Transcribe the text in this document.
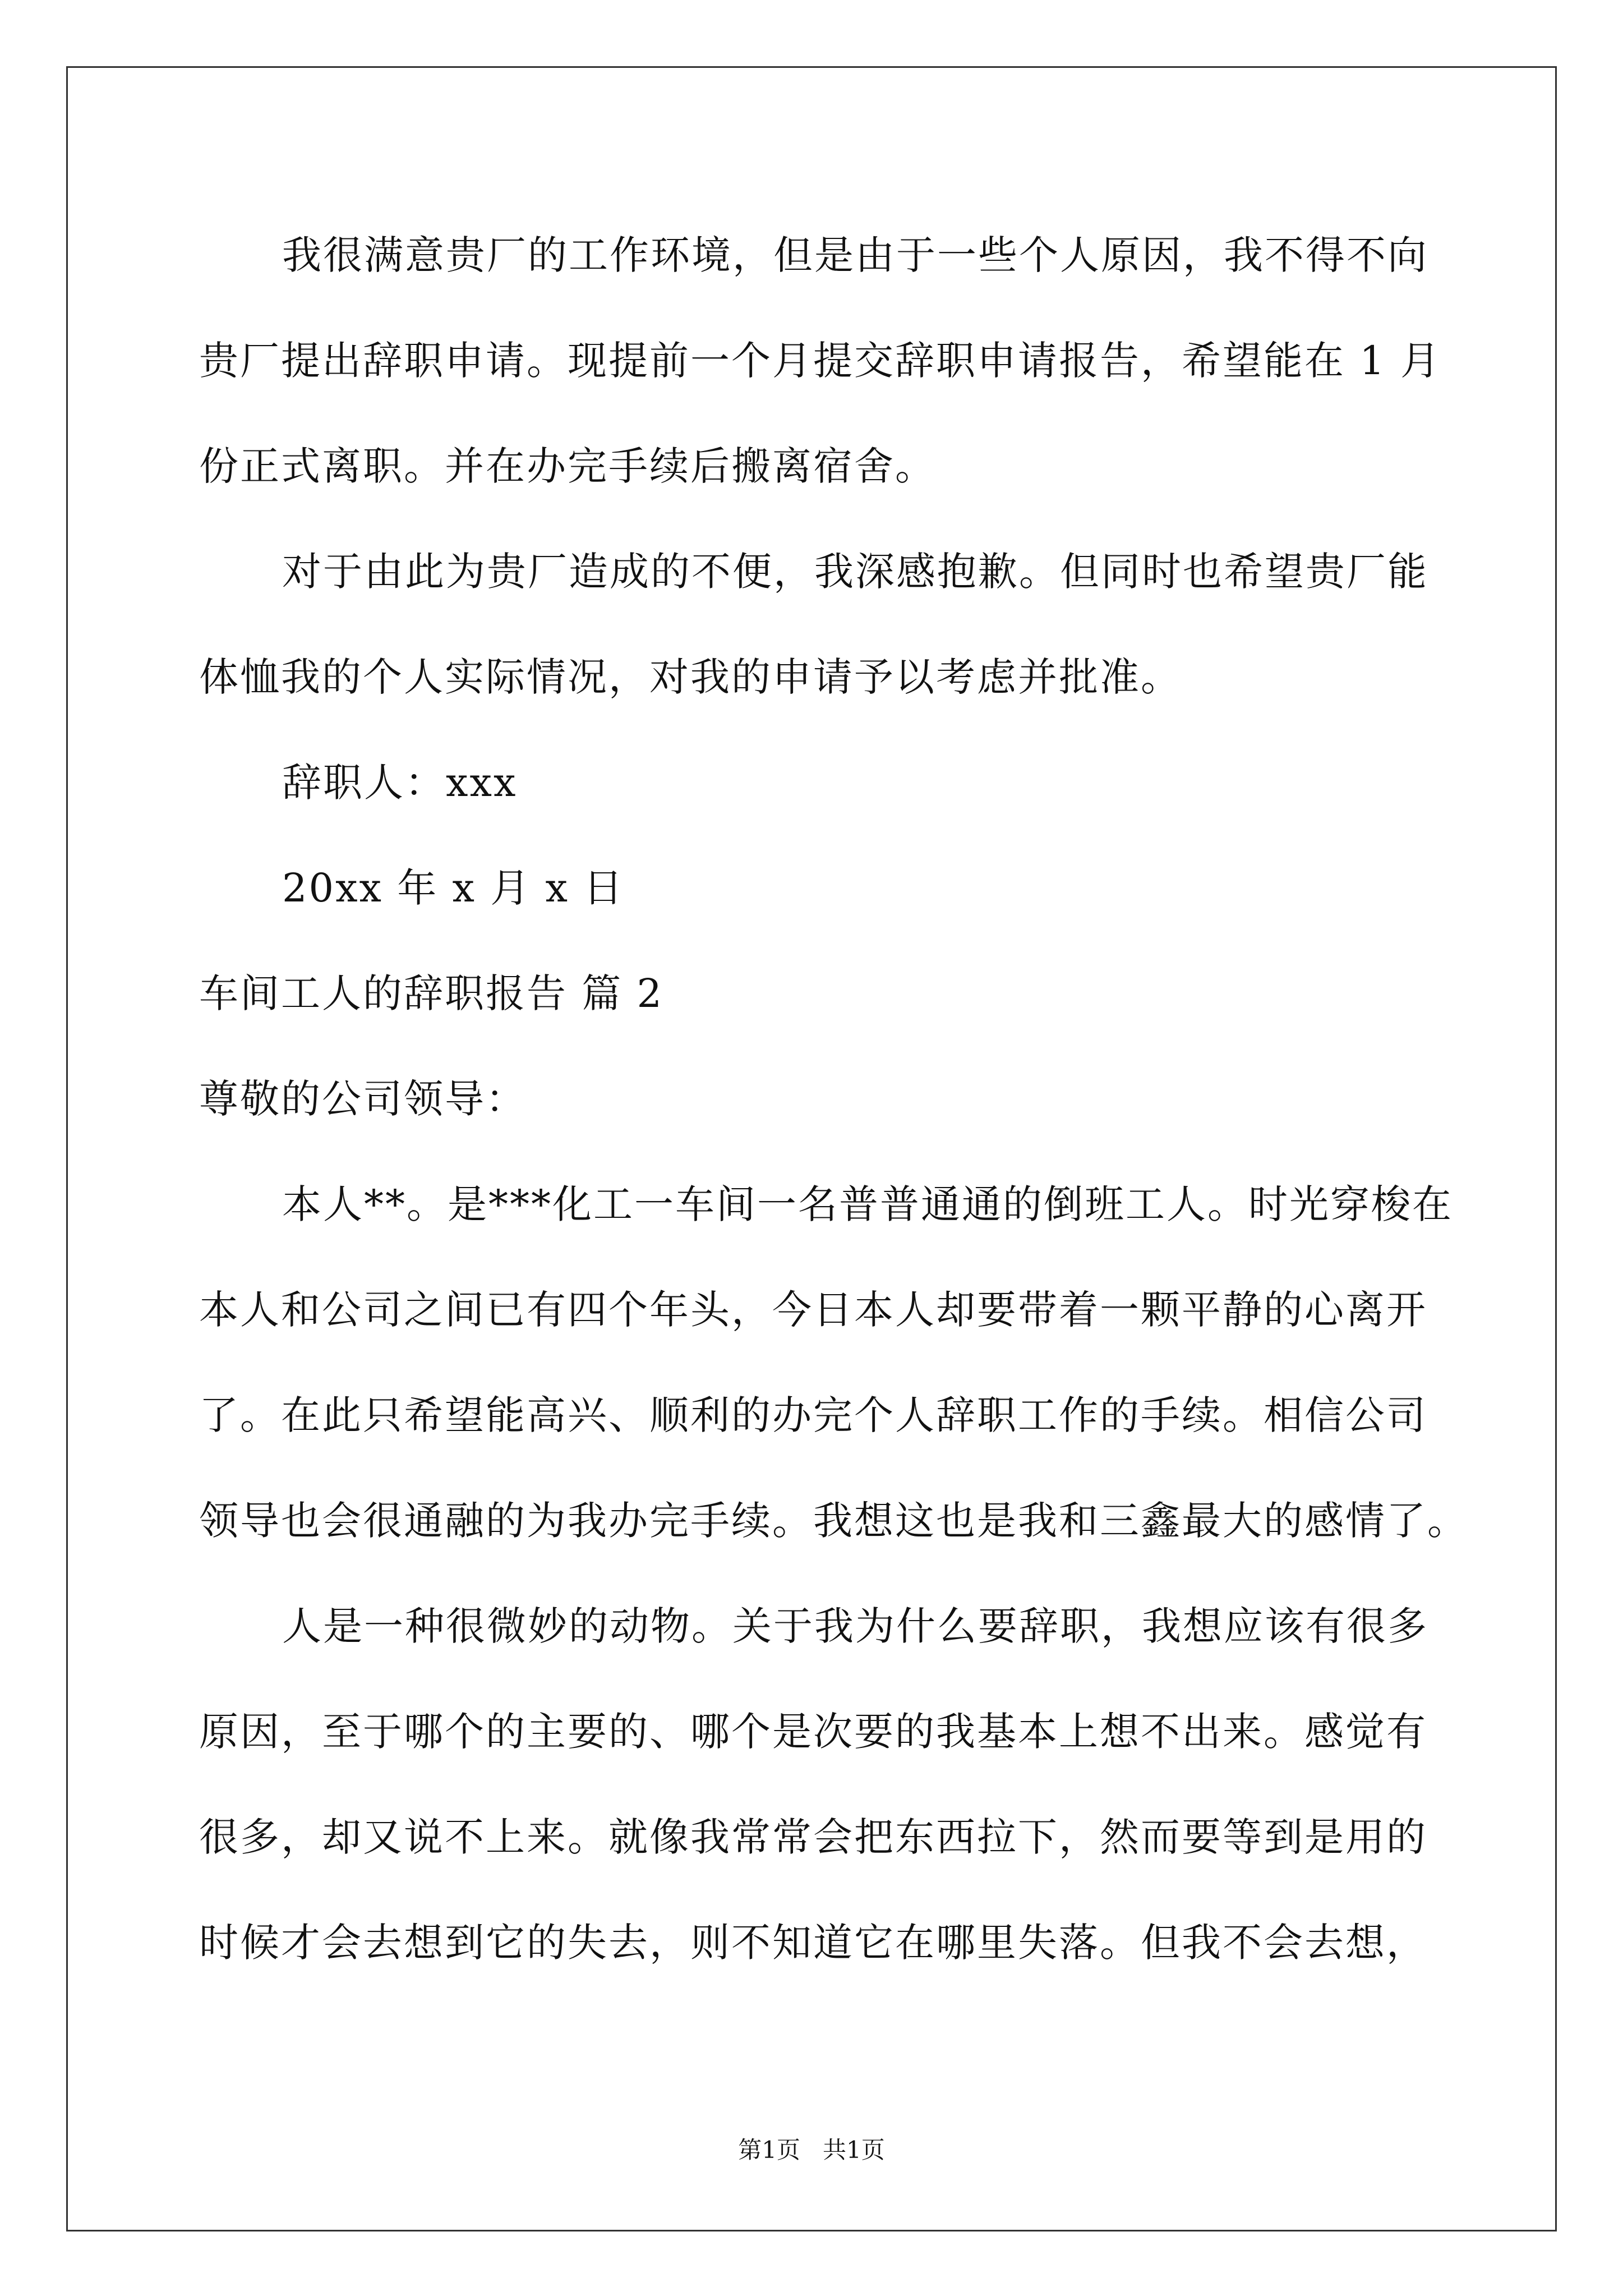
我很满意贵厂的工作环境，但是由于一些个人原因，我不得不向
贵厂提出辞职申请。现提前一个月提交辞职申请报告，希望能在 1 月
份正式离职。并在办完手续后搬离宿舍。
对于由此为贵厂造成的不便，我深感抱歉。但同时也希望贵厂能
体恤我的个人实际情况，对我的申请予以考虑并批准。
辞职人：xxx
20xx 年 x 月 x 日
车间工人的辞职报告 篇 2
尊敬的公司领导：
本人**。是***化工一车间一名普普通通的倒班工人。时光穿梭在
本人和公司之间已有四个年头，今日本人却要带着一颗平静的心离开
了。在此只希望能高兴、顺利的办完个人辞职工作的手续。相信公司
领导也会很通融的为我办完手续。我想这也是我和三鑫最大的感情了。
人是一种很微妙的动物。关于我为什么要辞职，我想应该有很多
原因，至于哪个的主要的、哪个是次要的我基本上想不出来。感觉有
很多，却又说不上来。就像我常常会把东西拉下，然而要等到是用的
时候才会去想到它的失去，则不知道它在哪里失落。但我不会去想，
第1页   共1页
